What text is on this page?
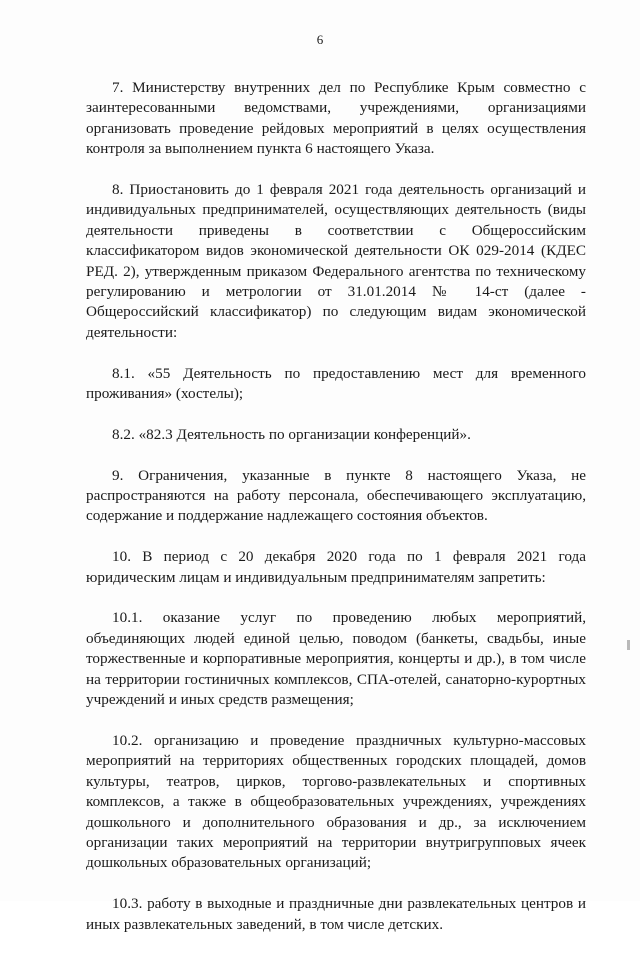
6

7. Министерству внутренних дел по Республике Крым совместно с заинтересованными ведомствами, учреждениями, организациями организовать проведение рейдовых мероприятий в целях осуществления контроля за выполнением пункта 6 настоящего Указа.

8. Приостановить до 1 февраля 2021 года деятельность организаций и индивидуальных предпринимателей, осуществляющих деятельность (виды деятельности приведены в соответствии с Общероссийским классификатором видов экономической деятельности ОК 029-2014 (КДЕС РЕД. 2), утвержденным приказом Федерального агентства по техническому регулированию и метрологии от 31.01.2014 № 14-ст (далее - Общероссийский классификатор) по следующим видам экономической деятельности:

8.1. «55 Деятельность по предоставлению мест для временного проживания» (хостелы);

8.2. «82.3 Деятельность по организации конференций».

9. Ограничения, указанные в пункте 8 настоящего Указа, не распространяются на работу персонала, обеспечивающего эксплуатацию, содержание и поддержание надлежащего состояния объектов.

10. В период с 20 декабря 2020 года по 1 февраля 2021 года юридическим лицам и индивидуальным предпринимателям запретить:

10.1. оказание услуг по проведению любых мероприятий, объединяющих людей единой целью, поводом (банкеты, свадьбы, иные торжественные и корпоративные мероприятия, концерты и др.), в том числе на территории гостиничных комплексов, СПА-отелей, санаторно-курортных учреждений и иных средств размещения;

10.2. организацию и проведение праздничных культурно-массовых мероприятий на территориях общественных городских площадей, домов культуры, театров, цирков, торгово-развлекательных и спортивных комплексов, а также в общеобразовательных учреждениях, учреждениях дошкольного и дополнительного образования и др., за исключением организации таких мероприятий на территории внутригрупповых ячеек дошкольных образовательных организаций;

10.3. работу в выходные и праздничные дни развлекательных центров и иных развлекательных заведений, в том числе детских.
